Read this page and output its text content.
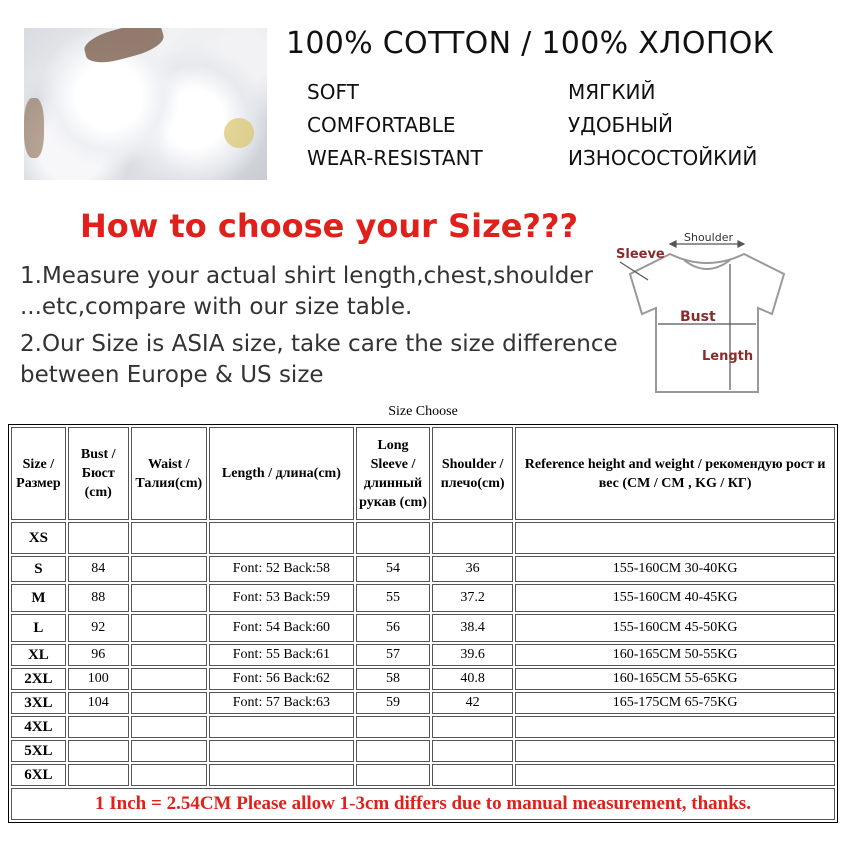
100% COTTON / 100% ХЛОПОК
SOFT
COMFORTABLE
WEAR-RESISTANT
МЯГКИЙ
УДОБНЫЙ
ИЗНОСОСТОЙКИЙ
How to choose your Size???
1.Measure your actual shirt length,chest,shoulder
...etc,compare with our size table.
2.Our Size is ASIA size, take care the size difference
between Europe & US size
Shoulder
Sleeve
Bust
Length
Size Choose
Size / Размер	Bust / Бюст (cm)	Waist / Талия(cm)	Length / длина(cm)	Long Sleeve / длинный рукав (cm)	Shoulder / плечо(cm)	Reference height and weight / рекомендую рост и вес (CM / CM , KG / КГ)
XS						
S	84		Font: 52 Back:58	54	36	155-160CM 30-40KG
M	88		Font: 53 Back:59	55	37.2	155-160CM 40-45KG
L	92		Font: 54 Back:60	56	38.4	155-160CM 45-50KG
XL	96		Font: 55 Back:61	57	39.6	160-165CM 50-55KG
2XL	100		Font: 56 Back:62	58	40.8	160-165CM 55-65KG
3XL	104		Font: 57 Back:63	59	42	165-175CM 65-75KG
4XL						
5XL						
6XL						
1 Inch = 2.54CM Please allow 1-3cm differs due to manual measurement, thanks.						
